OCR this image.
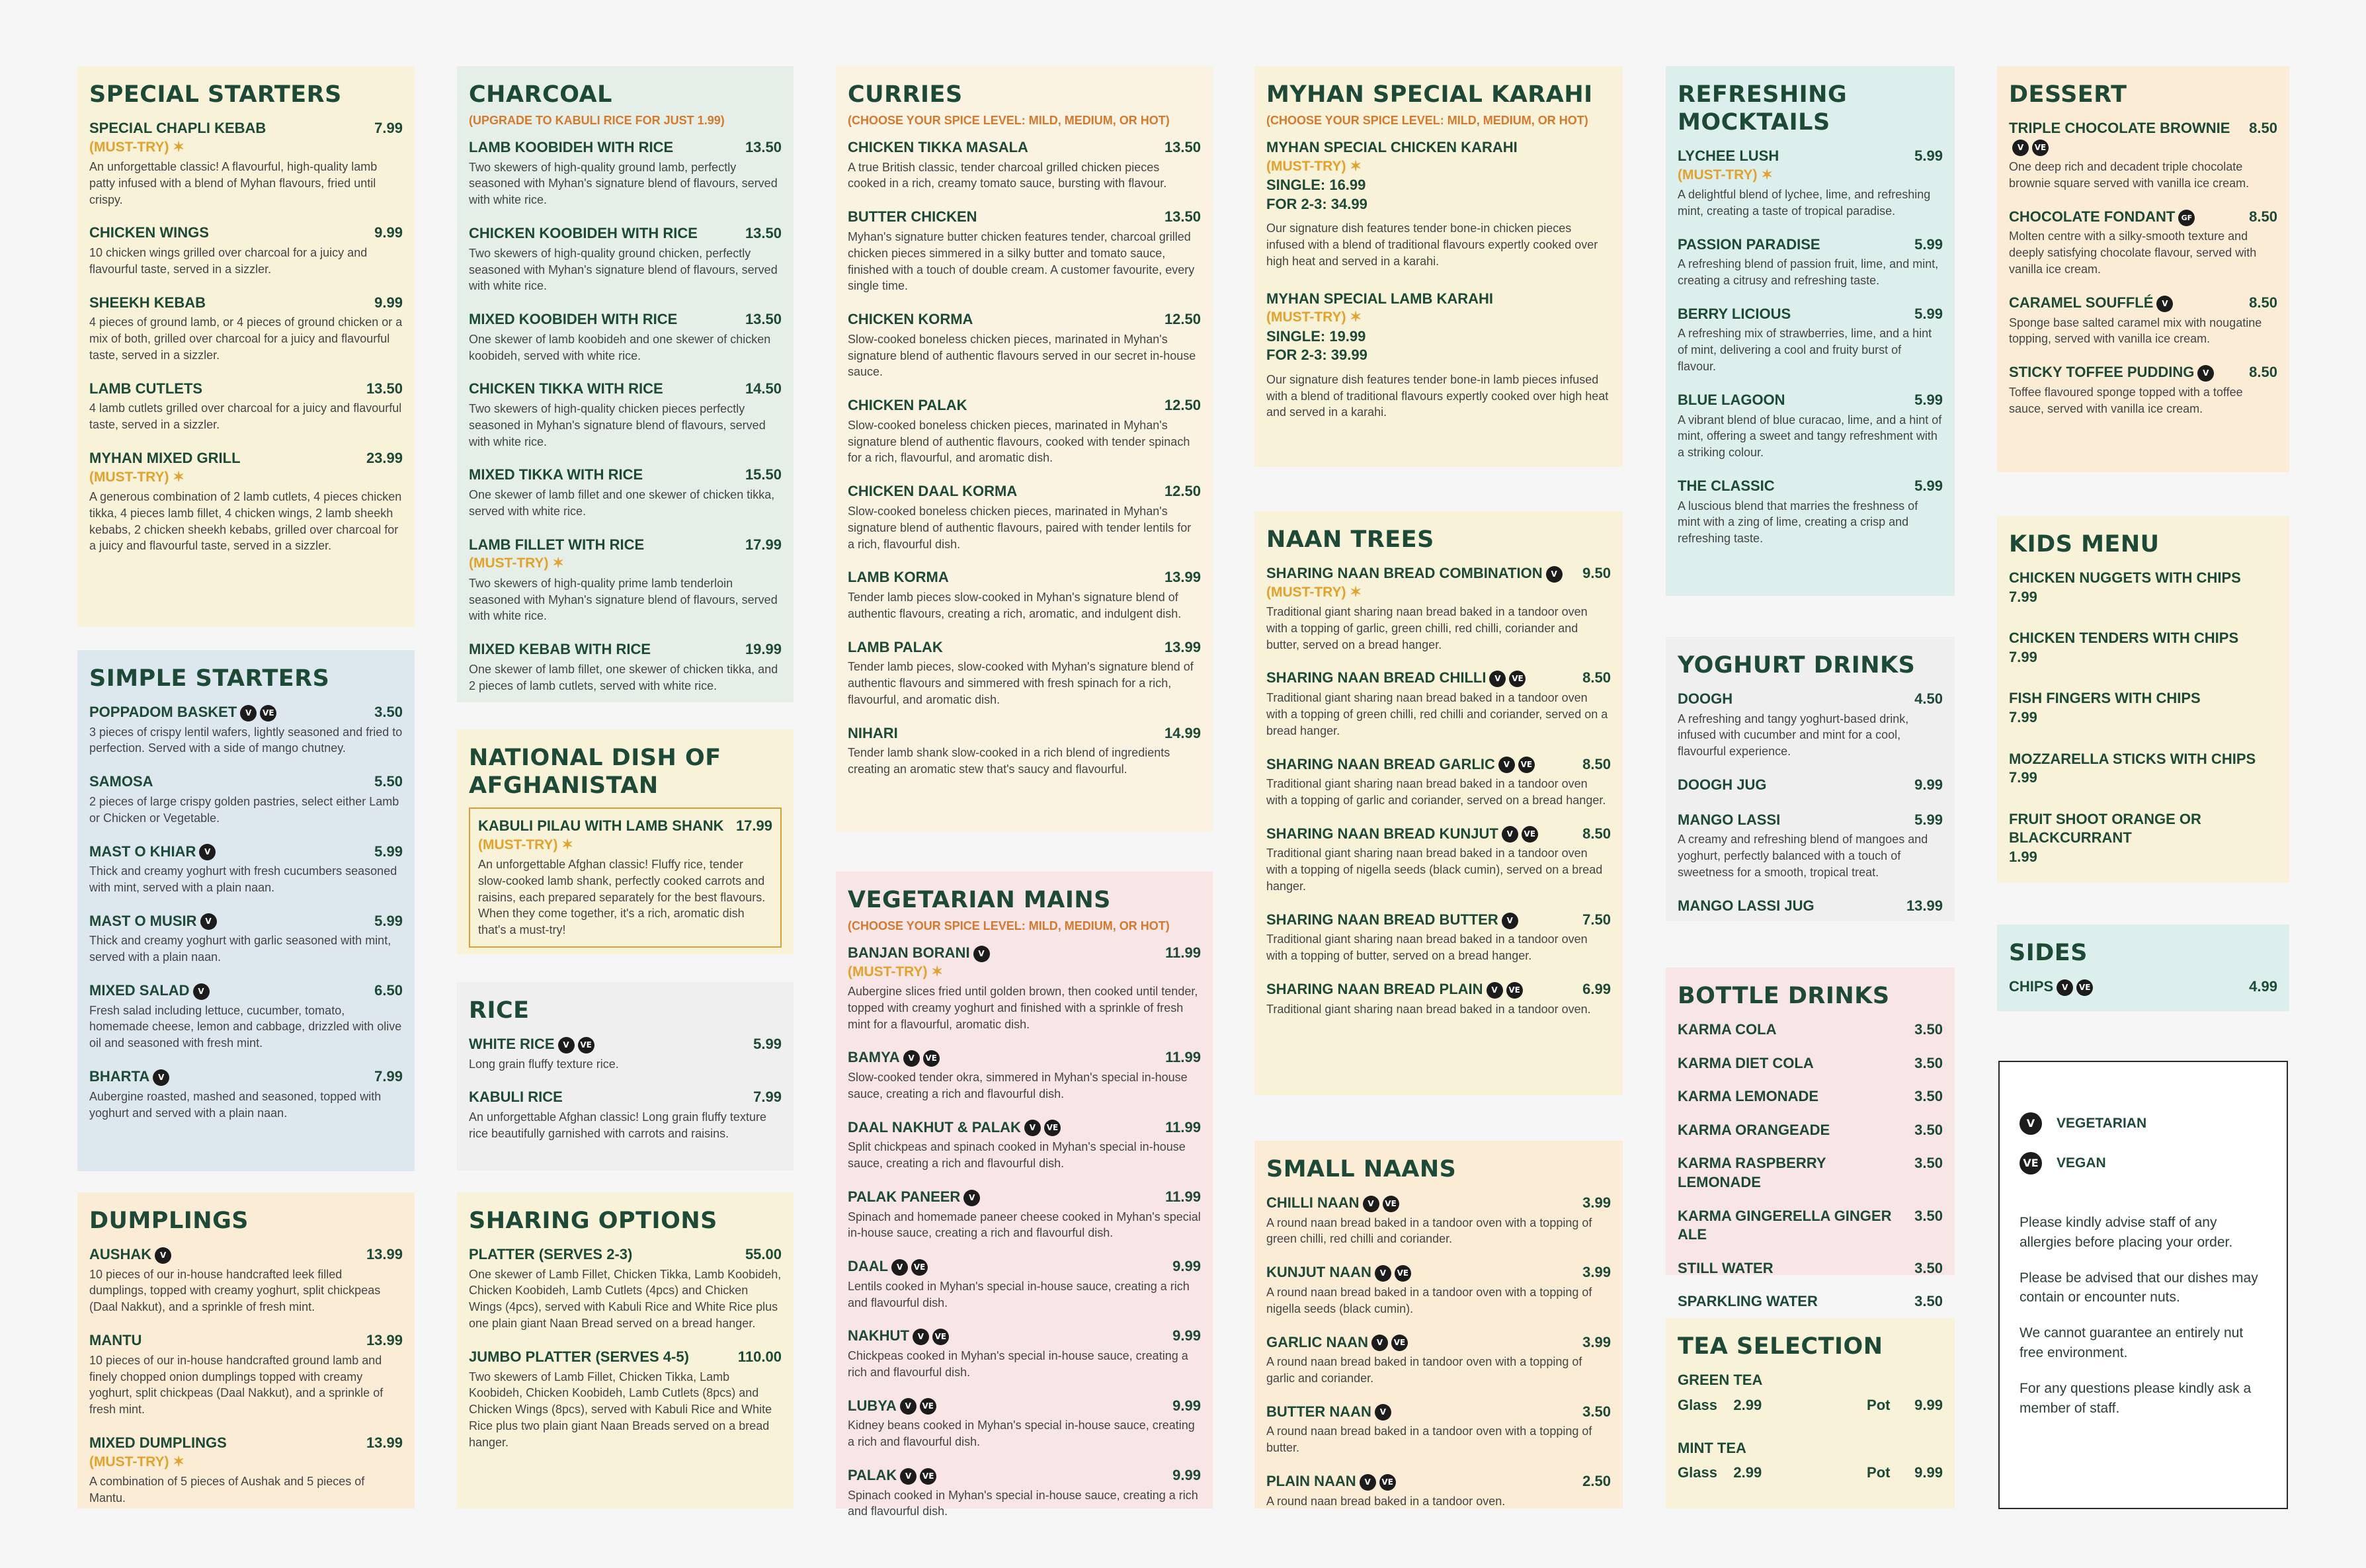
SPECIAL STARTERS
SPECIAL CHAPLI KEBAB	7.99
(MUST-TRY) ✶
An unforgettable classic! A flavourful, high-quality lamb patty infused with a blend of Myhan flavours, fried until crispy.
CHICKEN WINGS	9.99
10 chicken wings grilled over charcoal for a juicy and flavourful taste, served in a sizzler.
SHEEKH KEBAB	9.99
4 pieces of ground lamb, or 4 pieces of ground chicken or a mix of both, grilled over charcoal for a juicy and flavourful taste, served in a sizzler.
LAMB CUTLETS	13.50
4 lamb cutlets grilled over charcoal for a juicy and flavourful taste, served in a sizzler.
MYHAN MIXED GRILL	23.99
(MUST-TRY) ✶
A generous combination of 2 lamb cutlets, 4 pieces chicken tikka, 4 pieces lamb fillet, 4 chicken wings, 2 lamb sheekh kebabs, 2 chicken sheekh kebabs, grilled over charcoal for a juicy and flavourful taste, served in a sizzler.
SIMPLE STARTERS
POPPADOM BASKET V VE	3.50
3 pieces of crispy lentil wafers, lightly seasoned and fried to perfection. Served with a side of mango chutney.
SAMOSA	5.50
2 pieces of large crispy golden pastries, select either Lamb or Chicken or Vegetable.
MAST O KHIAR V	5.99
Thick and creamy yoghurt with fresh cucumbers seasoned with mint, served with a plain naan.
MAST O MUSIR V	5.99
Thick and creamy yoghurt with garlic seasoned with mint, served with a plain naan.
MIXED SALAD V	6.50
Fresh salad including lettuce, cucumber, tomato, homemade cheese, lemon and cabbage, drizzled with olive oil and seasoned with fresh mint.
BHARTA V	7.99
Aubergine roasted, mashed and seasoned, topped with yoghurt and served with a plain naan.
DUMPLINGS
AUSHAK V	13.99
10 pieces of our in-house handcrafted leek filled dumplings, topped with creamy yoghurt, split chickpeas (Daal Nakkut), and a sprinkle of fresh mint.
MANTU	13.99
10 pieces of our in-house handcrafted ground lamb and finely chopped onion dumplings topped with creamy yoghurt, split chickpeas (Daal Nakkut), and a sprinkle of fresh mint.
MIXED DUMPLINGS	13.99
(MUST-TRY) ✶
A combination of 5 pieces of Aushak and 5 pieces of Mantu.
CHARCOAL
(UPGRADE TO KABULI RICE FOR JUST 1.99)
LAMB KOOBIDEH WITH RICE	13.50
Two skewers of high-quality ground lamb, perfectly seasoned with Myhan's signature blend of flavours, served with white rice.
CHICKEN KOOBIDEH WITH RICE	13.50
Two skewers of high-quality ground chicken, perfectly seasoned with Myhan's signature blend of flavours, served with white rice.
MIXED KOOBIDEH WITH RICE	13.50
One skewer of lamb koobideh and one skewer of chicken koobideh, served with white rice.
CHICKEN TIKKA WITH RICE	14.50
Two skewers of high-quality chicken pieces perfectly seasoned in Myhan's signature blend of flavours, served with white rice.
MIXED TIKKA WITH RICE	15.50
One skewer of lamb fillet and one skewer of chicken tikka, served with white rice.
LAMB FILLET WITH RICE	17.99
(MUST-TRY) ✶
Two skewers of high-quality prime lamb tenderloin seasoned with Myhan's signature blend of flavours, served with white rice.
MIXED KEBAB WITH RICE	19.99
One skewer of lamb fillet, one skewer of chicken tikka, and 2 pieces of lamb cutlets, served with white rice.
NATIONAL DISH OF AFGHANISTAN
KABULI PILAU WITH LAMB SHANK 17.99
(MUST-TRY) ✶
An unforgettable Afghan classic! Fluffy rice, tender slow-cooked lamb shank, perfectly cooked carrots and raisins, each prepared separately for the best flavours. When they come together, it's a rich, aromatic dish that's a must-try!
RICE
WHITE RICE V VE	5.99
Long grain fluffy texture rice.
KABULI RICE	7.99
An unforgettable Afghan classic! Long grain fluffy texture rice beautifully garnished with carrots and raisins.
SHARING OPTIONS
PLATTER (SERVES 2-3)	55.00
One skewer of Lamb Fillet, Chicken Tikka, Lamb Koobideh, Chicken Koobideh, Lamb Cutlets (4pcs) and Chicken Wings (4pcs), served with Kabuli Rice and White Rice plus one plain giant Naan Bread served on a bread hanger.
JUMBO PLATTER (SERVES 4-5)	110.00
Two skewers of Lamb Fillet, Chicken Tikka, Lamb Koobideh, Chicken Koobideh, Lamb Cutlets (8pcs) and Chicken Wings (8pcs), served with Kabuli Rice and White Rice plus two plain giant Naan Breads served on a bread hanger.
CURRIES
(CHOOSE YOUR SPICE LEVEL: MILD, MEDIUM, OR HOT)
CHICKEN TIKKA MASALA	13.50
A true British classic, tender charcoal grilled chicken pieces cooked in a rich, creamy tomato sauce, bursting with flavour.
BUTTER CHICKEN	13.50
Myhan's signature butter chicken features tender, charcoal grilled chicken pieces simmered in a silky butter and tomato sauce, finished with a touch of double cream. A customer favourite, every single time.
CHICKEN KORMA	12.50
Slow-cooked boneless chicken pieces, marinated in Myhan's signature blend of authentic flavours served in our secret in-house sauce.
CHICKEN PALAK	12.50
Slow-cooked boneless chicken pieces, marinated in Myhan's signature blend of authentic flavours, cooked with tender spinach for a rich, flavourful, and aromatic dish.
CHICKEN DAAL KORMA	12.50
Slow-cooked boneless chicken pieces, marinated in Myhan's signature blend of authentic flavours, paired with tender lentils for a rich, flavourful dish.
LAMB KORMA	13.99
Tender lamb pieces slow-cooked in Myhan's signature blend of authentic flavours, creating a rich, aromatic, and indulgent dish.
LAMB PALAK	13.99
Tender lamb pieces, slow-cooked with Myhan's signature blend of authentic flavours and simmered with fresh spinach for a rich, flavourful, and aromatic dish.
NIHARI	14.99
Tender lamb shank slow-cooked in a rich blend of ingredients creating an aromatic stew that's saucy and flavourful.
VEGETARIAN MAINS
(CHOOSE YOUR SPICE LEVEL: MILD, MEDIUM, OR HOT)
BANJAN BORANI V	11.99
(MUST-TRY) ✶
Aubergine slices fried until golden brown, then cooked until tender, topped with creamy yoghurt and finished with a sprinkle of fresh mint for a flavourful, aromatic dish.
BAMYA V VE	11.99
Slow-cooked tender okra, simmered in Myhan's special in-house sauce, creating a rich and flavourful dish.
DAAL NAKHUT & PALAK V VE	11.99
Split chickpeas and spinach cooked in Myhan's special in-house sauce, creating a rich and flavourful dish.
PALAK PANEER V	11.99
Spinach and homemade paneer cheese cooked in Myhan's special in-house sauce, creating a rich and flavourful dish.
DAAL V VE	9.99
Lentils cooked in Myhan's special in-house sauce, creating a rich and flavourful dish.
NAKHUT V VE	9.99
Chickpeas cooked in Myhan's special in-house sauce, creating a rich and flavourful dish.
LUBYA V VE	9.99
Kidney beans cooked in Myhan's special in-house sauce, creating a rich and flavourful dish.
PALAK V VE	9.99
Spinach cooked in Myhan's special in-house sauce, creating a rich and flavourful dish.
MYHAN SPECIAL KARAHI
(CHOOSE YOUR SPICE LEVEL: MILD, MEDIUM, OR HOT)
MYHAN SPECIAL CHICKEN KARAHI
(MUST-TRY) ✶
SINGLE: 16.99
FOR 2-3: 34.99
Our signature dish features tender bone-in chicken pieces infused with a blend of traditional flavours expertly cooked over high heat and served in a karahi.
MYHAN SPECIAL LAMB KARAHI
(MUST-TRY) ✶
SINGLE: 19.99
FOR 2-3: 39.99
Our signature dish features tender bone-in lamb pieces infused with a blend of traditional flavours expertly cooked over high heat and served in a karahi.
NAAN TREES
SHARING NAAN BREAD COMBINATION V	9.50
(MUST-TRY) ✶
Traditional giant sharing naan bread baked in a tandoor oven with a topping of garlic, green chilli, red chilli, coriander and butter, served on a bread hanger.
SHARING NAAN BREAD CHILLI V VE	8.50
Traditional giant sharing naan bread baked in a tandoor oven with a topping of green chilli, red chilli and coriander, served on a bread hanger.
SHARING NAAN BREAD GARLIC V VE	8.50
Traditional giant sharing naan bread baked in a tandoor oven with a topping of garlic and coriander, served on a bread hanger.
SHARING NAAN BREAD KUNJUT V VE	8.50
Traditional giant sharing naan bread baked in a tandoor oven with a topping of nigella seeds (black cumin), served on a bread hanger.
SHARING NAAN BREAD BUTTER V	7.50
Traditional giant sharing naan bread baked in a tandoor oven with a topping of butter, served on a bread hanger.
SHARING NAAN BREAD PLAIN V VE	6.99
Traditional giant sharing naan bread baked in a tandoor oven.
SMALL NAANS
CHILLI NAAN V VE	3.99
A round naan bread baked in a tandoor oven with a topping of green chilli, red chilli and coriander.
KUNJUT NAAN V VE	3.99
A round naan bread baked in a tandoor oven with a topping of nigella seeds (black cumin).
GARLIC NAAN V VE	3.99
A round naan bread baked in tandoor oven with a topping of garlic and coriander.
BUTTER NAAN V	3.50
A round naan bread baked in a tandoor oven with a topping of butter.
PLAIN NAAN V VE	2.50
A round naan bread baked in a tandoor oven.
REFRESHING MOCKTAILS
LYCHEE LUSH	5.99
(MUST-TRY) ✶
A delightful blend of lychee, lime, and refreshing mint, creating a taste of tropical paradise.
PASSION PARADISE	5.99
A refreshing blend of passion fruit, lime, and mint, creating a citrusy and refreshing taste.
BERRY LICIOUS	5.99
A refreshing mix of strawberries, lime, and a hint of mint, delivering a cool and fruity burst of flavour.
BLUE LAGOON	5.99
A vibrant blend of blue curacao, lime, and a hint of mint, offering a sweet and tangy refreshment with a striking colour.
THE CLASSIC	5.99
A luscious blend that marries the freshness of mint with a zing of lime, creating a crisp and refreshing taste.
YOGHURT DRINKS
DOOGH	4.50
A refreshing and tangy yoghurt-based drink, infused with cucumber and mint for a cool, flavourful experience.
DOOGH JUG	9.99
MANGO LASSI	5.99
A creamy and refreshing blend of mangoes and yoghurt, perfectly balanced with a touch of sweetness for a smooth, tropical treat.
MANGO LASSI JUG	13.99
BOTTLE DRINKS
KARMA COLA	3.50
KARMA DIET COLA	3.50
KARMA LEMONADE	3.50
KARMA ORANGEADE	3.50
KARMA RASPBERRY LEMONADE
3.50
KARMA GINGERELLA GINGER ALE
3.50
STILL WATER	3.50
SPARKLING WATER	3.50
TEA SELECTION
GREEN TEA
Glass 2.99	Pot 9.99
MINT TEA
Glass 2.99	Pot 9.99
DESSERT
TRIPLE CHOCOLATE BROWNIEV VE
8.50
One deep rich and decadent triple chocolate brownie square served with vanilla ice cream.
CHOCOLATE FONDANT GF	8.50
Molten centre with a silky-smooth texture and deeply satisfying chocolate flavour, served with vanilla ice cream.
CARAMEL SOUFFLÉ V	8.50
Sponge base salted caramel mix with nougatine topping, served with vanilla ice cream.
STICKY TOFFEE PUDDING V	8.50
Toffee flavoured sponge topped with a toffee sauce, served with vanilla ice cream.
KIDS MENU
CHICKEN NUGGETS WITH CHIPS
7.99
CHICKEN TENDERS WITH CHIPS
7.99
FISH FINGERS WITH CHIPS
7.99
MOZZARELLA STICKS WITH CHIPS
7.99
FRUIT SHOOT ORANGE OR BLACKCURRANT
1.99
SIDES
CHIPS V VE	4.99
V	VEGETARIAN
VE VEGAN
Please kindly advise staff of any allergies before placing your order.
Please be advised that our dishes may contain or encounter nuts.
We cannot guarantee an entirely nut free environment.
For any questions please kindly ask a member of staff.
